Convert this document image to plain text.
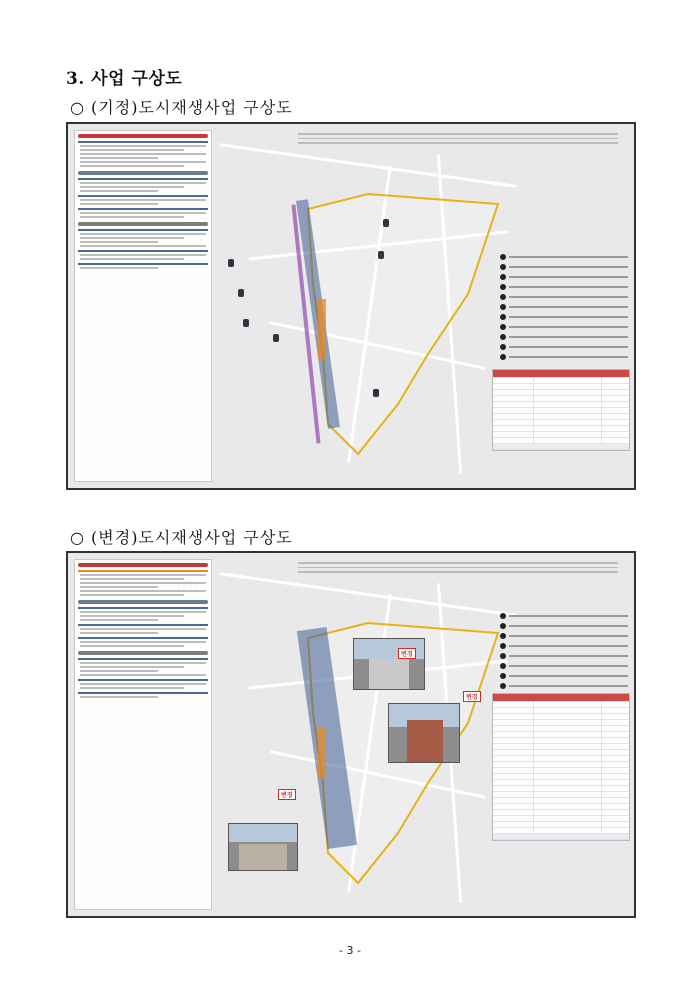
3. 사업 구상도
○ (기정)도시재생사업 구상도
○ (변경)도시재생사업 구상도
변경
변경
변경
- 3 -
